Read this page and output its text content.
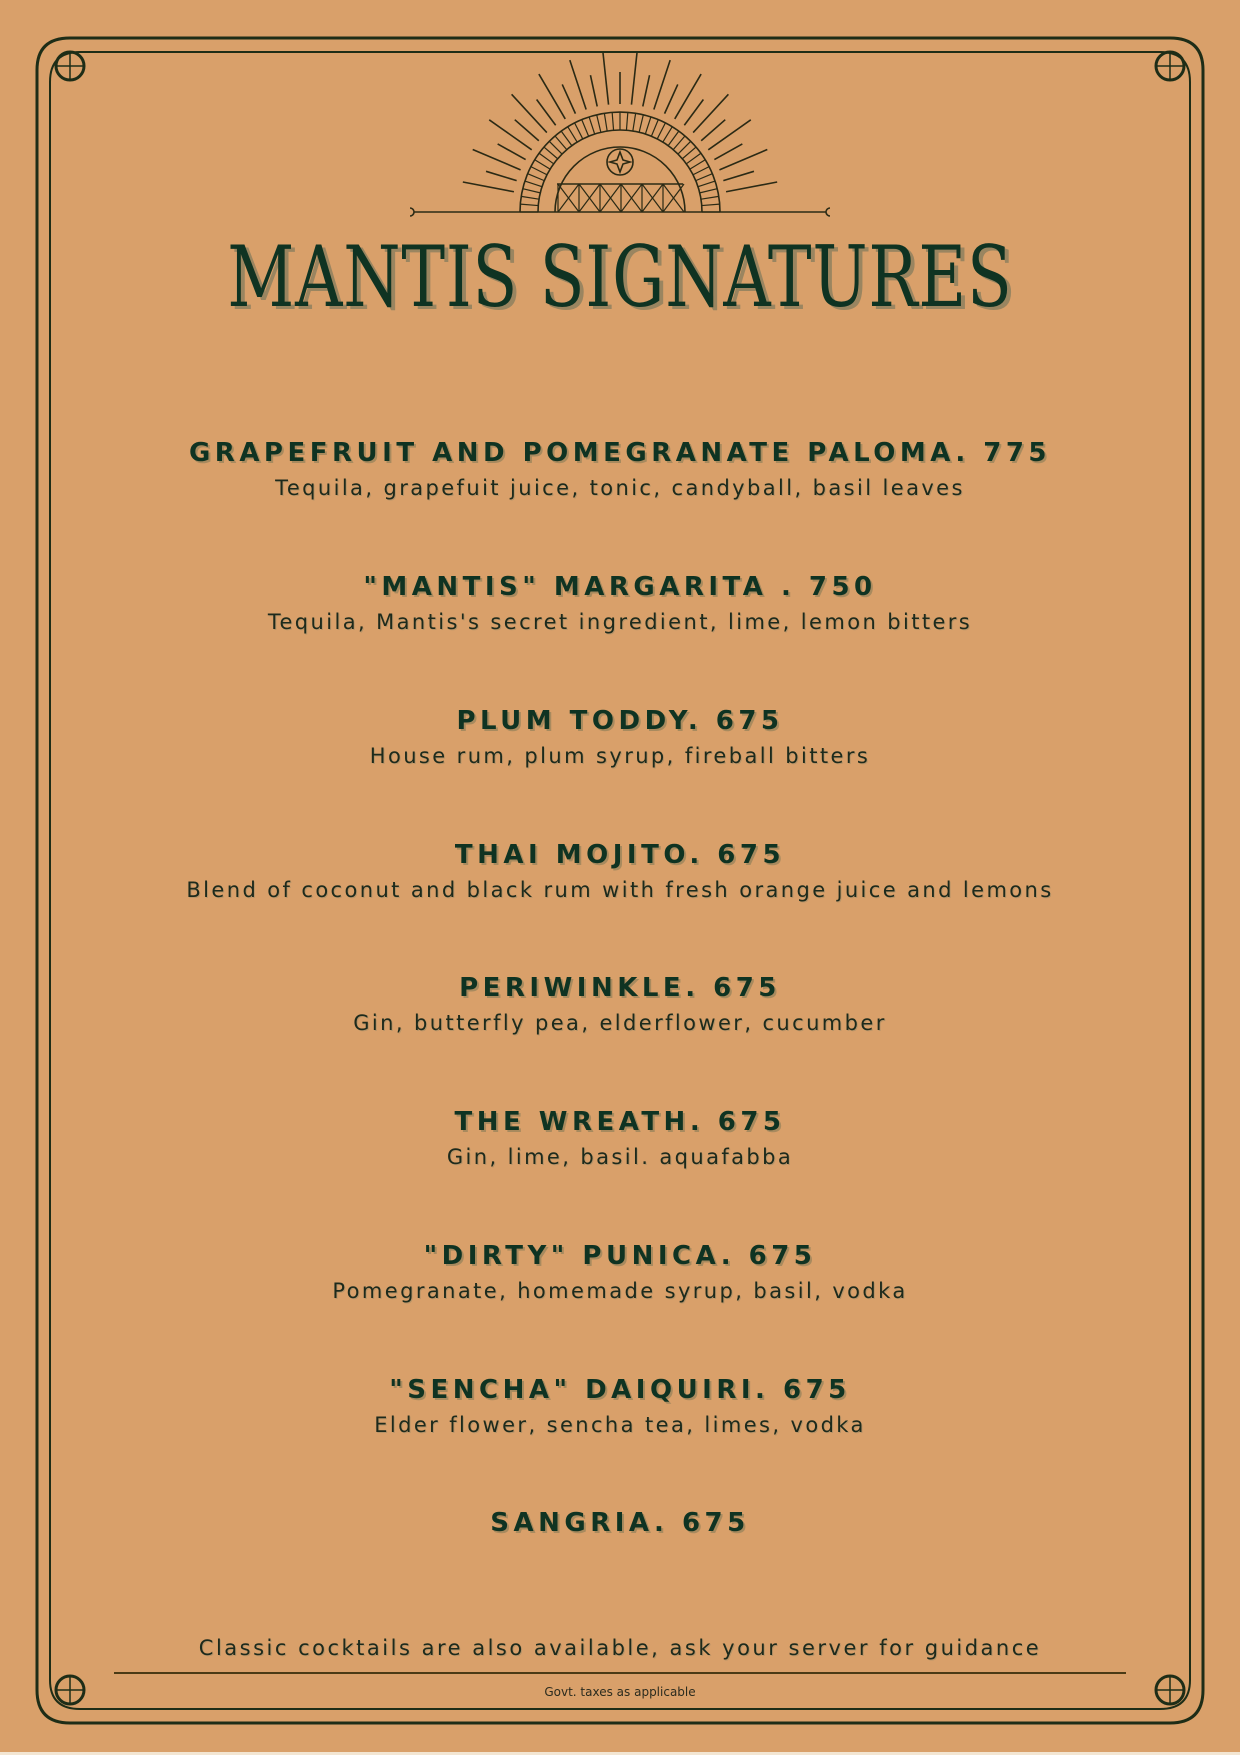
MANTIS SIGNATURES
GRAPEFRUIT AND POMEGRANATE PALOMA. 775
Tequila, grapefuit juice, tonic, candyball, basil leaves
"MANTIS" MARGARITA . 750
Tequila, Mantis's secret ingredient, lime, lemon bitters
PLUM TODDY. 675
House rum, plum syrup, fireball bitters
THAI MOJITO. 675
Blend of coconut and black rum with fresh orange juice and lemons
PERIWINKLE. 675
Gin, butterfly pea, elderflower, cucumber
THE WREATH. 675
Gin, lime, basil. aquafabba
"DIRTY" PUNICA. 675
Pomegranate, homemade syrup, basil, vodka
"SENCHA" DAIQUIRI. 675
Elder flower, sencha tea, limes, vodka
SANGRIA. 675
Classic cocktails are also available, ask your server for guidance
Govt. taxes as applicable
